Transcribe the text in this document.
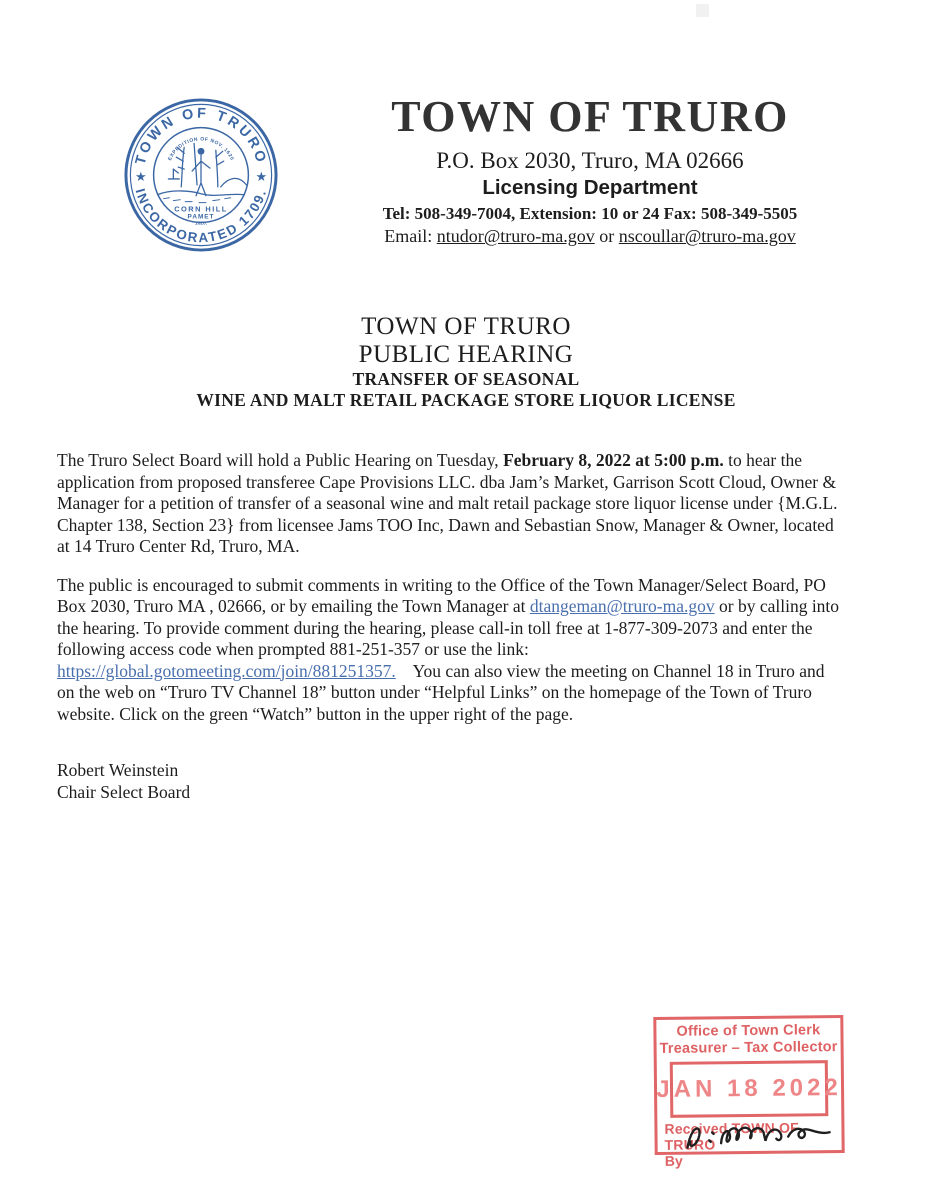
TOWN OF TRURO
INCORPORATED 1709.
★	★
EXPEDITION OF NOV. 1620
CORN HILL
PAMET
1620.
TOWN OF TRURO
P.O. Box 2030, Truro, MA 02666
Licensing Department
Tel: 508-349-7004, Extension: 10 or 24 Fax: 508-349-5505
Email: ntudor@truro-ma.gov or nscoullar@truro-ma.gov
TOWN OF TRURO
PUBLIC HEARING
TRANSFER OF SEASONAL
WINE AND MALT RETAIL PACKAGE STORE LIQUOR LICENSE
The Truro Select Board will hold a Public Hearing on Tuesday, February 8, 2022 at 5:00 p.m. to hear the
application from proposed transferee Cape Provisions LLC. dba Jam’s Market, Garrison Scott Cloud, Owner &
Manager for a petition of transfer of a seasonal wine and malt retail package store liquor license under {M.G.L.
Chapter 138, Section 23} from licensee Jams TOO Inc, Dawn and Sebastian Snow, Manager & Owner, located
at 14 Truro Center Rd, Truro, MA.
The public is encouraged to submit comments in writing to the Office of the Town Manager/Select Board, PO
Box 2030, Truro MA , 02666, or by emailing the Town Manager at dtangeman@truro-ma.gov or by calling into
the hearing. To provide comment during the hearing, please call-in toll free at 1-877-309-2073 and enter the
following access code when prompted 881-251-357 or use the link:
https://global.gotomeeting.com/join/881251357.    You can also view the meeting on Channel 18 in Truro and
on the web on “Truro TV Channel 18” button under “Helpful Links” on the homepage of the Town of Truro
website. Click on the green “Watch” button in the upper right of the page.
Robert Weinstein
Chair Select Board
Office of Town Clerk
Treasurer – Tax Collector
JAN 18 2022
Received TOWN OF TRURO
By
